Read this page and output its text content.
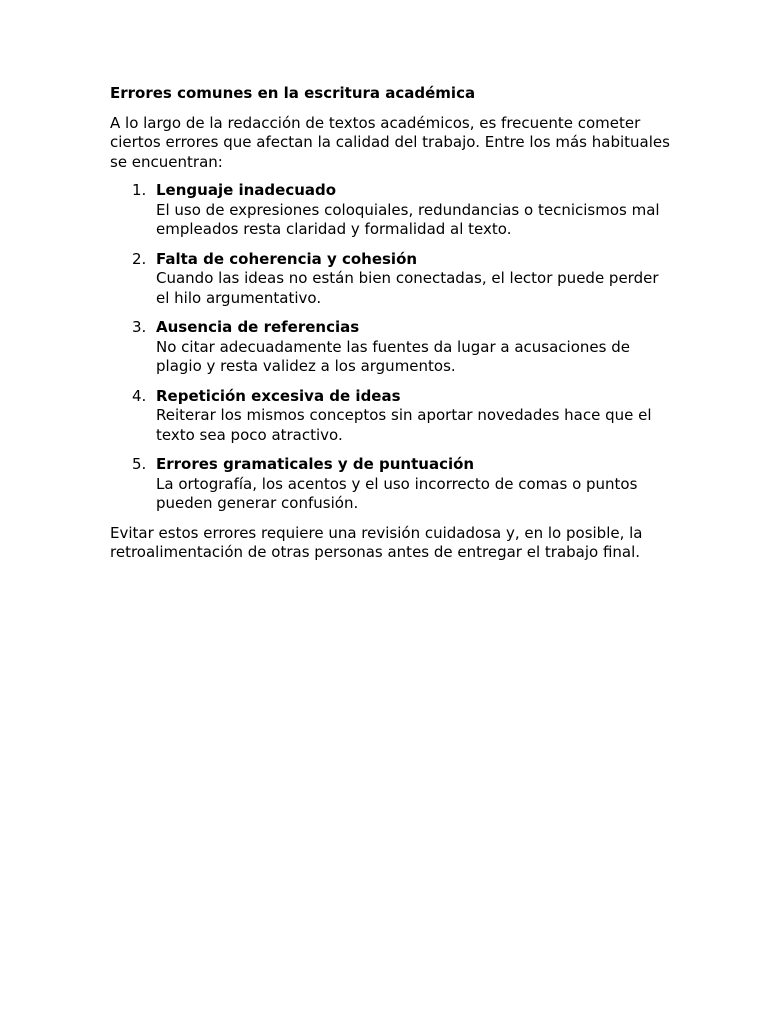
Errores comunes en la escritura académica

A lo largo de la redacción de textos académicos, es frecuente cometer ciertos errores que afectan la calidad del trabajo. Entre los más habituales se encuentran:

1. Lenguaje inadecuado
El uso de expresiones coloquiales, redundancias o tecnicismos mal empleados resta claridad y formalidad al texto.
2. Falta de coherencia y cohesión
Cuando las ideas no están bien conectadas, el lector puede perder el hilo argumentativo.
3. Ausencia de referencias
No citar adecuadamente las fuentes da lugar a acusaciones de plagio y resta validez a los argumentos.
4. Repetición excesiva de ideas
Reiterar los mismos conceptos sin aportar novedades hace que el texto sea poco atractivo.
5. Errores gramaticales y de puntuación
La ortografía, los acentos y el uso incorrecto de comas o puntos pueden generar confusión.

Evitar estos errores requiere una revisión cuidadosa y, en lo posible, la retroalimentación de otras personas antes de entregar el trabajo final.
